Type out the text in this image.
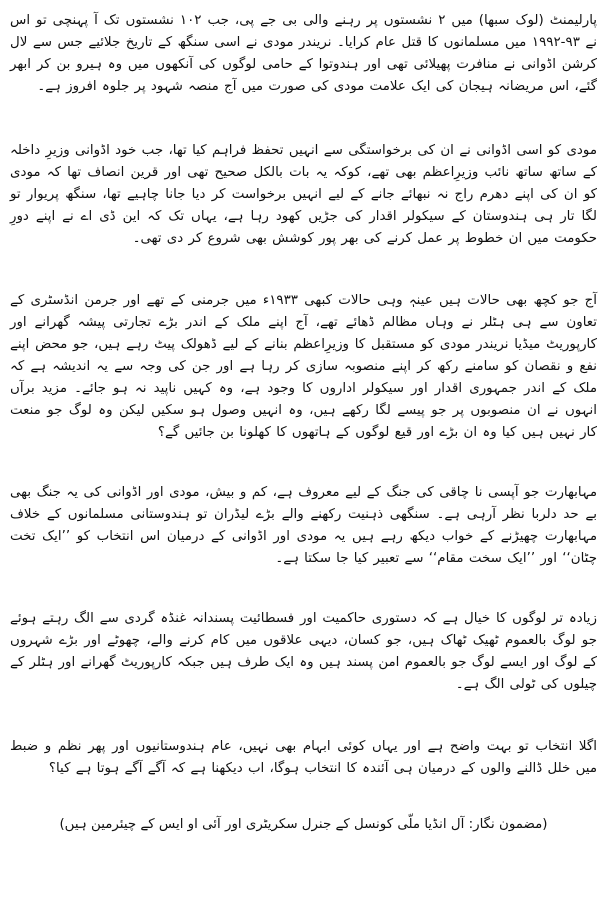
پارلیمنٹ (لوک سبھا) میں ۲ نشستوں پر رہنے والی بی جے پی، جب ۱۰۲ نشستوں تک آ پہنچی تو اس نے ۹۳-۱۹۹۲ میں مسلمانوں کا قتل عام کرایا۔ نریندر مودی نے اسی سنگھ کے تاریخ جلائیے جس سے لال کرشن اڈوانی نے منافرت پھیلائی تھی اور ہندوتوا کے حامی لوگوں کی آنکھوں میں وہ ہیرو بن کر ابھر گئے، اس مریضانہ ہیجان کی ایک علامت مودی کی صورت میں آج منصہ شہود پر جلوہ افروز ہے۔

مودی کو اسی اڈوانی نے ان کی برخواستگی سے انہیں تحفظ فراہم کیا تھا، جب خود اڈوانی وزیرِ داخلہ کے ساتھ ساتھ نائب وزیرِاعظم بھی تھے، کوکہ یہ بات بالکل صحیح تھی اور قرین انصاف تھا کہ مودی کو ان کی اپنے دھرم راج نہ نبھائے جانے کے لیے انہیں برخواست کر دیا جانا چاہیے تھا، سنگھ پریوار تو لگا تار ہی ہندوستان کے سیکولر اقدار کی جڑیں کھود رہا ہے، یہاں تک کہ این ڈی اے نے اپنے دورِ حکومت میں ان خطوط پر عمل کرنے کی بھر پور کوشش بھی شروع کر دی تھی۔

آج جو کچھ بھی حالات ہیں عینہٖ وہی حالات کبھی ۱۹۳۳ء میں جرمنی کے تھے اور جرمن انڈسٹری کے تعاون سے ہی ہٹلر نے وہاں مظالم ڈھائے تھے، آج اپنے ملک کے اندر بڑے تجارتی پیشہ گھرانے اور کارپوریٹ میڈیا نریندر مودی کو مستقبل کا وزیرِاعظم بنانے کے لیے ڈھولک پیٹ رہے ہیں، جو محض اپنے نفع و نقصان کو سامنے رکھ کر اپنے منصوبہ سازی کر رہا ہے اور جن کی وجہ سے یہ اندیشہ ہے کہ ملک کے اندر جمہوری اقدار اور سیکولر اداروں کا وجود ہے، وہ کہیں ناپید نہ ہو جائے۔ مزید برآں انہوں نے ان منصوبوں پر جو پیسے لگا رکھے ہیں، وہ انہیں وصول ہو سکیں لیکن وہ لوگ جو منعت کار نہیں ہیں کیا وہ ان بڑے اور قیع لوگوں کے ہاتھوں کا کھلونا بن جائیں گے؟

مہابھارت جو آپسی نا چاقی کی جنگ کے لیے معروف ہے، کم و بیش، مودی اور اڈوانی کی یہ جنگ بھی بے حد دلربا نظر آرہی ہے۔ سنگھی ذہنیت رکھنے والے بڑے لیڈران تو ہندوستانی مسلمانوں کے خلاف مہابھارت چھیڑنے کے خواب دیکھ رہے ہیں یہ مودی اور اڈوانی کے درمیان اس انتخاب کو ’’ایک تخت چٹان‘‘ اور ’’ایک سخت مقام‘‘ سے تعبیر کیا جا سکتا ہے۔

زیادہ تر لوگوں کا خیال ہے کہ دستوری حاکمیت اور فسطائیت پسندانہ غنڈہ گردی سے الگ رہتے ہوئے جو لوگ بالعموم ٹھیک ٹھاک ہیں، جو کسان، دیہی علاقوں میں کام کرنے والے، چھوٹے اور بڑے شہروں کے لوگ اور ایسے لوگ جو بالعموم امن پسند ہیں وہ ایک طرف ہیں جبکہ کارپوریٹ گھرانے اور ہٹلر کے چیلوں کی ٹولی الگ ہے۔

اگلا انتخاب تو بہت واضح ہے اور یہاں کوئی ابہام بھی نہیں، عام ہندوستانیوں اور پھر نظم و ضبط میں خلل ڈالنے والوں کے درمیان ہی آئندہ کا انتخاب ہوگا، اب دیکھنا ہے کہ آگے آگے ہوتا ہے کیا؟

(مضمون نگار: آل انڈیا ملّی کونسل کے جنرل سکریٹری اور آئی او ایس کے چیئرمین ہیں)
